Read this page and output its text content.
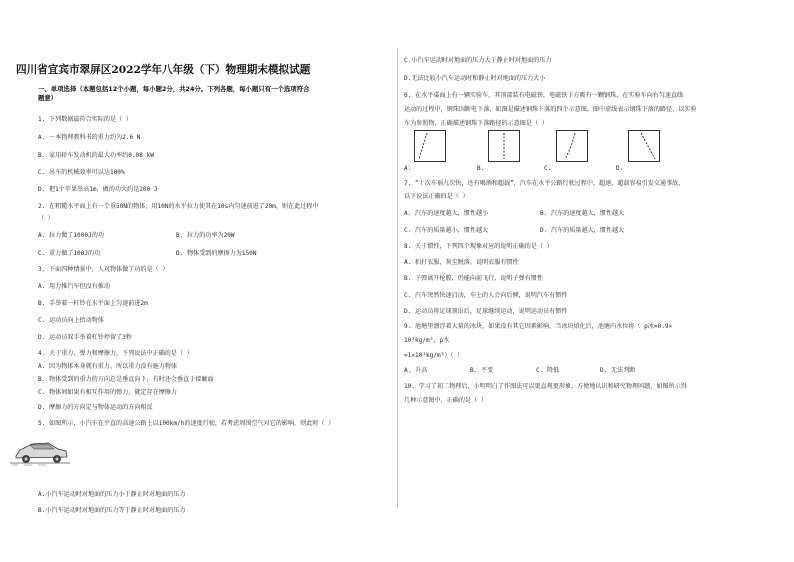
四川省宜宾市翠屏区2022学年八年级（下）物理期末模拟试题
一、单项选择（本题包括12个小题，每小题2分，共24分。下列各题，每小题只有一个选项符合
题意）
1. 下列数据最符合实际的是（ ）
A. 一本物理教科书的重力约为2.6 N
B. 家用轿车发动机的最大功率约0.08 kW
C. 吊车的机械效率可以达100%
D. 把1个苹果举高1m，做的功大约是200 J
2. 在粗糙水平面上有一个重50N的物体，用10N的水平拉力使其在10s内匀速前进了20m，则在此过程中
（ ）
A. 拉力做了1000J的功	B. 拉力的功率为20W
C. 重力做了100J的功	D. 物体受到的摩擦力为150N
3. 下面四种情景中，人对物体做了功的是（ ）
A. 用力推汽车但没有推动
B. 手举着一杠铃在水平面上匀速前进2m
C. 运动员向上抬动物体
D. 运动员双手举着杠铃停留了3秒
4. 关于重力、弹力和摩擦力，下列说法中正确的是（ ）
A. 因为物体本身就有重力，所以重力没有施力物体
B. 物体受到的重力的方向总是垂直向下，有时还会垂直于接触面
C. 物体间如果有相互作用的弹力，就定存在摩擦力
D. 摩擦力的方向定与物体运动的方向相反
5. 如图所示，小汽车在平直的高速公路上以100km/h的速度行驶，若考虑周围空气对它的影响，则此时（ ）
A.小汽车运动时对地面的压力小于静止时对地面的压力
B.小汽车运动时对地面的压力等于静止时对地面的压力
C.小汽车运动时对地面的压力大于静止时对地面的压力
D.无法比较小汽车运动时和静止时对地面的压力大小
6. 在水平桌面上有一辆实验车，其顶部装有电磁铁，电磁铁下方吸有一颗钢珠，在实验车向右匀速直线
运动的过程中，钢珠因断电下落，如图是描述钢珠下落的四个示意图，图中虚线表示钢珠下落的路径，以实验
车为参照物，正确描述钢珠下落路径的示意图是（ ）
A.	B.	C.	D.
7. “十次车祸九次快，还有喝酒和超载”，汽车在水平公路行驶过程中，超速、超载容易引发交通事故，
以下说法正确的是（ ）
A. 汽车的速度越大，惯性越小	B. 汽车的速度越大，惯性越大
C. 汽车的质量越小，惯性越大	D. 汽车的质量越大，惯性越大
8. 关于惯性，下列四个现象对应的说明正确的是（ ）
A. 拍打衣服，灰尘脱落，说明衣服有惯性
B. 子弹离开枪膛，仍能向前飞行，说明子弹有惯性
C. 汽车突然快速启动，车上的人会向后倾，说明汽车有惯性
D. 运动员将足球顶出后，足球继续运动，说明运动员有惯性
9. 池塘里漂浮着大量的冰块，如果没有其它因素影响，当冰块熔化后，池塘内水位将（ ρ冰=0.9×
10³kg/m³，ρ水
=1×10³kg/m³）（ ）
A. 升高	B. 不变	C. 降低	D. 无法判断
10. 学习了初二物理后，小明明白了作图法可以更直观更形象，方便地认识和研究物理问题，如图所示得
几种示意图中，正确的是（ ）
